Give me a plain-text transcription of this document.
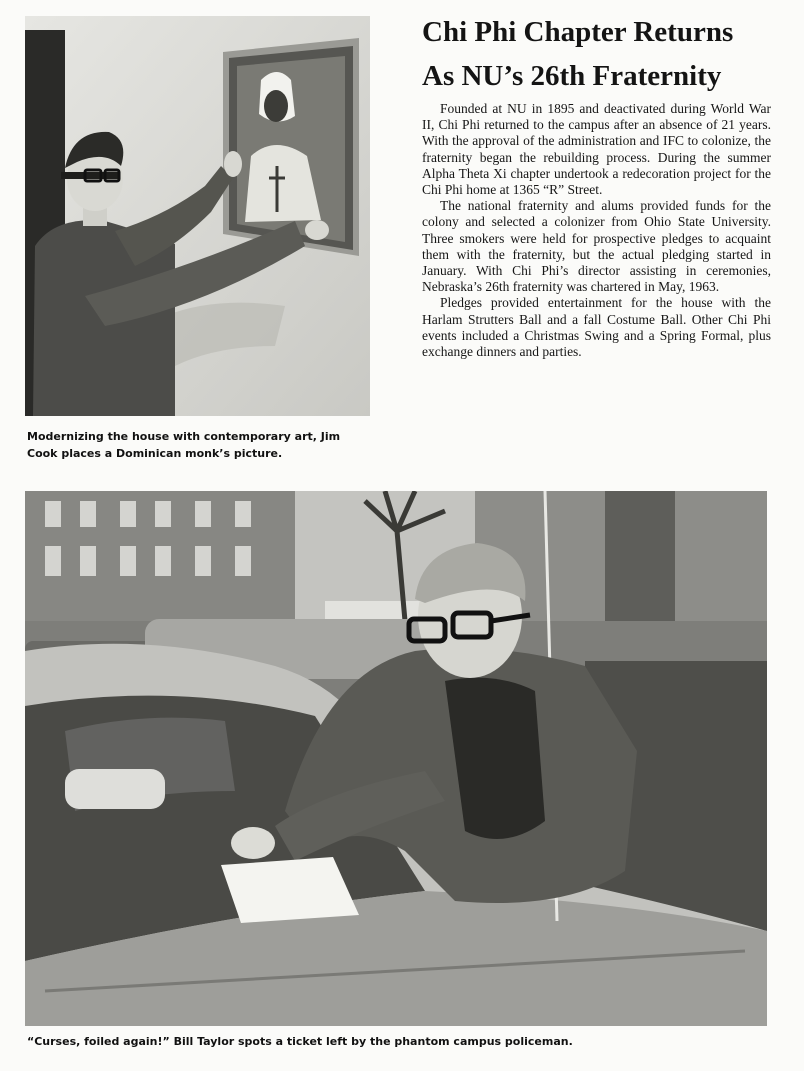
Chi Phi Chapter Returns
As NU’s 26th Fraternity

Founded at NU in 1895 and deactivated during World War II, Chi Phi returned to the campus after an absence of 21 years. With the approval of the administration and IFC to colonize, the fraternity began the rebuilding process. During the summer Alpha Theta Xi chapter undertook a redecoration project for the Chi Phi home at 1365 “R” Street.

The national fraternity and alums provided funds for the colony and selected a colonizer from Ohio State University. Three smokers were held for prospective pledges to acquaint them with the fraternity, but the actual pledging started in January. With Chi Phi’s director assisting in ceremonies, Nebraska’s 26th fraternity was chartered in May, 1963.

Pledges provided entertainment for the house with the Harlam Strutters Ball and a fall Costume Ball. Other Chi Phi events included a Christmas Swing and a Spring Formal, plus exchange dinners and parties.

Modernizing the house with contemporary art, Jim Cook places a Dominican monk’s picture.

“Curses, foiled again!” Bill Taylor spots a ticket left by the phantom campus policeman.
